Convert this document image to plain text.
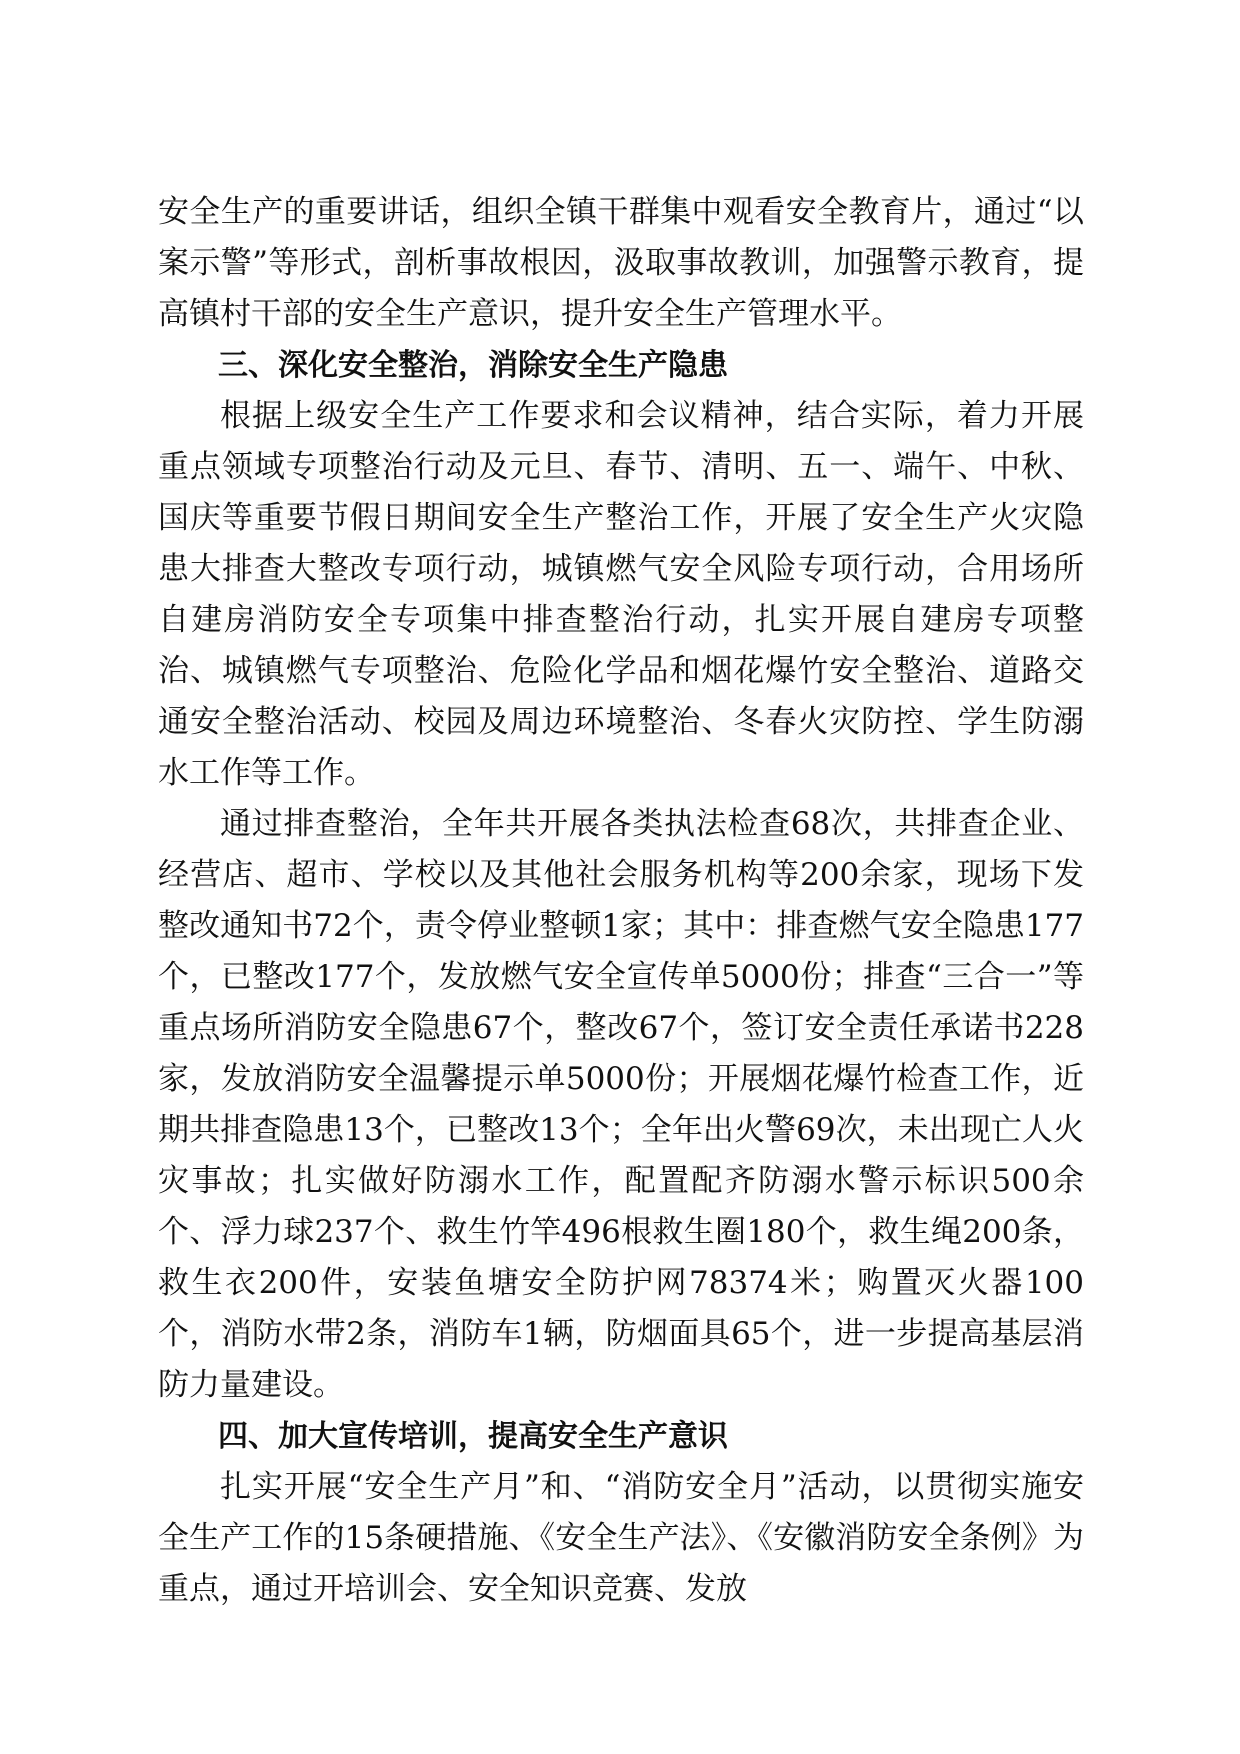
安全生产的重要讲话，组织全镇干群集中观看安全教育片，通过“以案示警”等形式，剖析事故根因，汲取事故教训，加强警示教育，提高镇村干部的安全生产意识，提升安全生产管理水平。

三、深化安全整治，消除安全生产隐患

根据上级安全生产工作要求和会议精神，结合实际，着力开展重点领域专项整治行动及元旦、春节、清明、五一、端午、中秋、国庆等重要节假日期间安全生产整治工作，开展了安全生产火灾隐患大排查大整改专项行动，城镇燃气安全风险专项行动，合用场所自建房消防安全专项集中排查整治行动，扎实开展自建房专项整治、城镇燃气专项整治、危险化学品和烟花爆竹安全整治、道路交通安全整治活动、校园及周边环境整治、冬春火灾防控、学生防溺水工作等工作。

通过排查整治，全年共开展各类执法检查68次，共排查企业、经营店、超市、学校以及其他社会服务机构等200余家，现场下发整改通知书72个，责令停业整顿1家；其中：排查燃气安全隐患177个，已整改177个，发放燃气安全宣传单5000份；排查“三合一”等重点场所消防安全隐患67个，整改67个，签订安全责任承诺书228家，发放消防安全温馨提示单5000份；开展烟花爆竹检查工作，近期共排查隐患13个，已整改13个；全年出火警69次，未出现亡人火灾事故；扎实做好防溺水工作，配置配齐防溺水警示标识500余个、浮力球237个、救生竹竿496根救生圈180个，救生绳200条，救生衣200件，安装鱼塘安全防护网78374米；购置灭火器100个，消防水带2条，消防车1辆，防烟面具65个，进一步提高基层消防力量建设。

四、加大宣传培训，提高安全生产意识

扎实开展“安全生产月”和、“消防安全月”活动，以贯彻实施安全生产工作的15条硬措施、《安全生产法》、《安徽消防安全条例》为重点，通过开培训会、安全知识竞赛、发放
